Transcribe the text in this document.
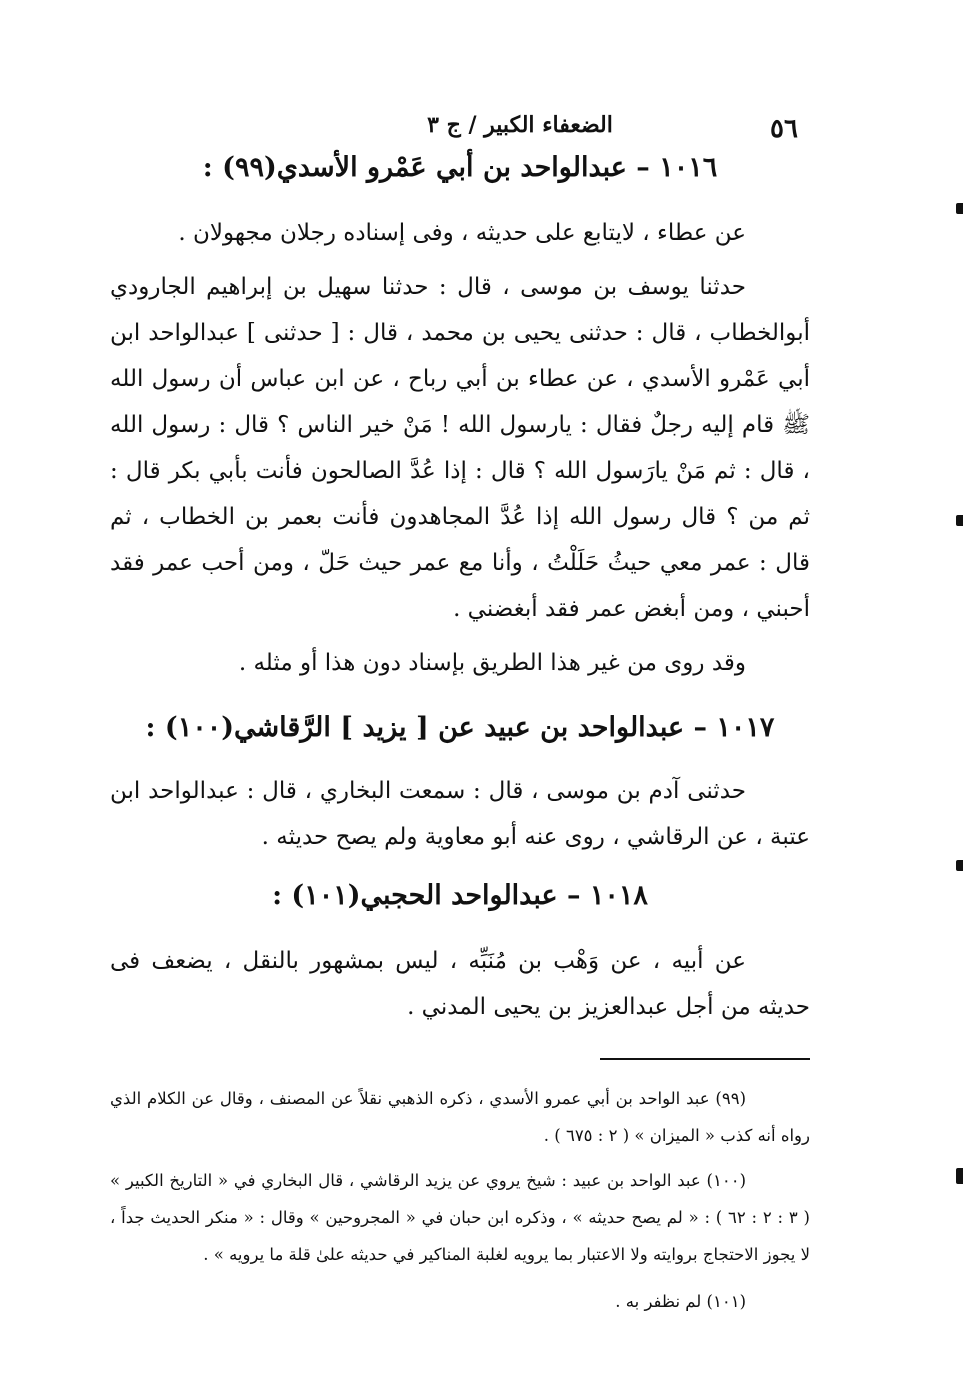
٥٦
الضعفاء الكبير / ج ٣
١٠١٦ – عبدالواحد بن أبي عَمْرو الأسدي(٩٩) :

عن عطاء ، لايتابع على حديثه ، وفى إسناده رجلان مجهولان .

حدثنا يوسف بن موسى ، قال : حدثنا سهيل بن إبراهيم الجارودي أبوالخطاب ، قال : حدثنى يحيى بن محمد ، قال : [ حدثنى ] عبدالواحد ابن أبي عَمْرو الأسدي ، عن عطاء بن أبي رباح ، عن ابن عباس أن رسول الله ﷺ قام إليه رجلٌ فقال : يارسول الله ! مَنْ خير الناس ؟ قال : رسول الله ، قال : ثم مَنْ يارَسول الله ؟ قال : إذا عُدَّ الصالحون فأنت بأبي بكر قال : ثم من ؟ قال رسول الله إذا عُدَّ المجاهدون فأنت بعمر بن الخطاب ، ثم قال : عمر معي حيثُ حَلَلْتُ ، وأنا مع عمر حيث حَلّ ، ومن أحب عمر فقد أحبني ، ومن أبغض عمر فقد أبغضني .

وقد روى من غير هذا الطريق بإسناد دون هذا أو مثله .

١٠١٧ – عبدالواحد بن عبيد عن [ يزيد ] الرَّقاشي(١٠٠) :

حدثنى آدم بن موسى ، قال : سمعت البخاري ، قال : عبدالواحد ابن عتبة ، عن الرقاشي ، روى عنه أبو معاوية ولم يصح حديثه .

١٠١٨ – عبدالواحد الحجبي(١٠١) :

عن أبيه ، عن وَهْب بن مُنَبِّه ، ليس بمشهور بالنقل ، يضعف فى حديثه من أجل عبدالعزيز بن يحيى المدني .

(٩٩) عبد الواحد بن أبي عمرو الأسدي ، ذكره الذهبي نقلاً عن المصنف ، وقال عن الكلام الذي رواه أنه كذب « الميزان » ( ٢ : ٦٧٥ ) .

(١٠٠) عبد الواحد بن عبيد : شيخ يروي عن يزيد الرقاشي ، قال البخاري في « التاريخ الكبير » ( ٣ : ٢ : ٦٢ ) : « لم يصح حديثه » ، وذكره ابن حبان في « المجروحين » وقال : « منكر الحديث جداً ، لا يجوز الاحتجاج بروايته ولا الاعتبار بما يرويه لغلبة المناكير في حديثه علىٰ قلة ما يرويه » .

(١٠١) لم نظفر به .
